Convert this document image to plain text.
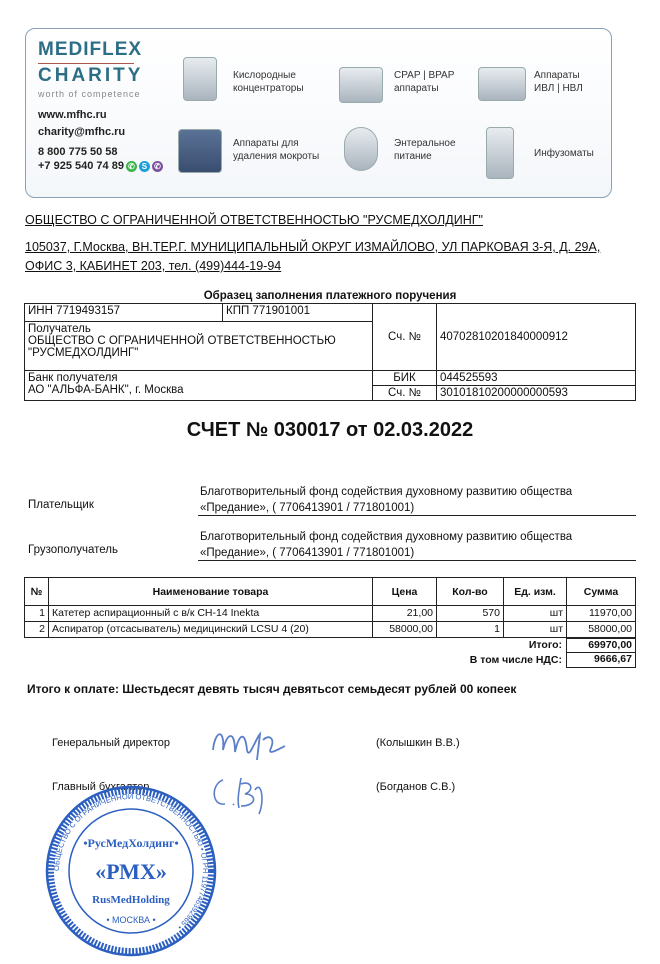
MEDIFLEX
CHARITY
worth of competence
www.mfhc.ru
charity@mfhc.ru
8 800 775 50 58
+7 925 540 74 89 ✆ S ✆
Кислородные
концентраторы
CPAP | BPAP
аппараты
Аппараты
ИВЛ | НВЛ
Аппараты для
удаления мокроты
Энтеральное
питание	Инфузоматы
ОБЩЕСТВО С ОГРАНИЧЕННОЙ ОТВЕТСТВЕННОСТЬЮ "РУСМЕДХОЛДИНГ"
105037, Г.Москва, ВН.ТЕР.Г. МУНИЦИПАЛЬНЫЙ ОКРУГ ИЗМАЙЛОВО, УЛ ПАРКОВАЯ 3-Я, Д. 29А,
ОФИС 3, КАБИНЕТ 203, тел. (499)444-19-94
Образец заполнения платежного поручения
ИНН 7719493157	КПП 771901001	Сч. №	40702810201840000912

Получатель
ОБЩЕСТВО С ОГРАНИЧЕННОЙ ОТВЕТСТВЕННОСТЬЮ "РУСМЕДХОЛДИНГ"			

Банк получателя
АО "АЛЬФА-БАНК", г. Москва		БИК	044525593
		Сч. №	30101810200000000593
СЧЕТ № 030017 от 02.03.2022
Плательщик
Благотворительный фонд содействия духовному развитию общества
«Предание», ( 7706413901 / 771801001)
Грузополучатель
Благотворительный фонд содействия духовному развитию общества
«Предание», ( 7706413901 / 771801001)
№	Наименование товара	Цена	Кол-во	Ед. изм.	Сумма
1	Катетер аспирационный с в/к CH-14 Inekta	21,00	570	шт	11970,00
2	Аспиратор (отсасыватель) медицинский LCSU 4 (20)	58000,00	1	шт	58000,00
Итого:	69970,00
В том числе НДС:	9666,67
Итого к оплате: Шестьдесят девять тысяч девятьсот семьдесят рублей 00 копеек
Генеральный директор	(Колышкин В.В.)
Главный бухгалтер	(Богданов С.В.)
ОБЩЕСТВО С ОГРАНИЧЕННОЙ ОТВЕТСТВЕННОСТЬЮ • ОГРН 1197746392965 •
•РусМедХолдинг•
«РМХ»
RusMedHolding
• МОСКВА •
